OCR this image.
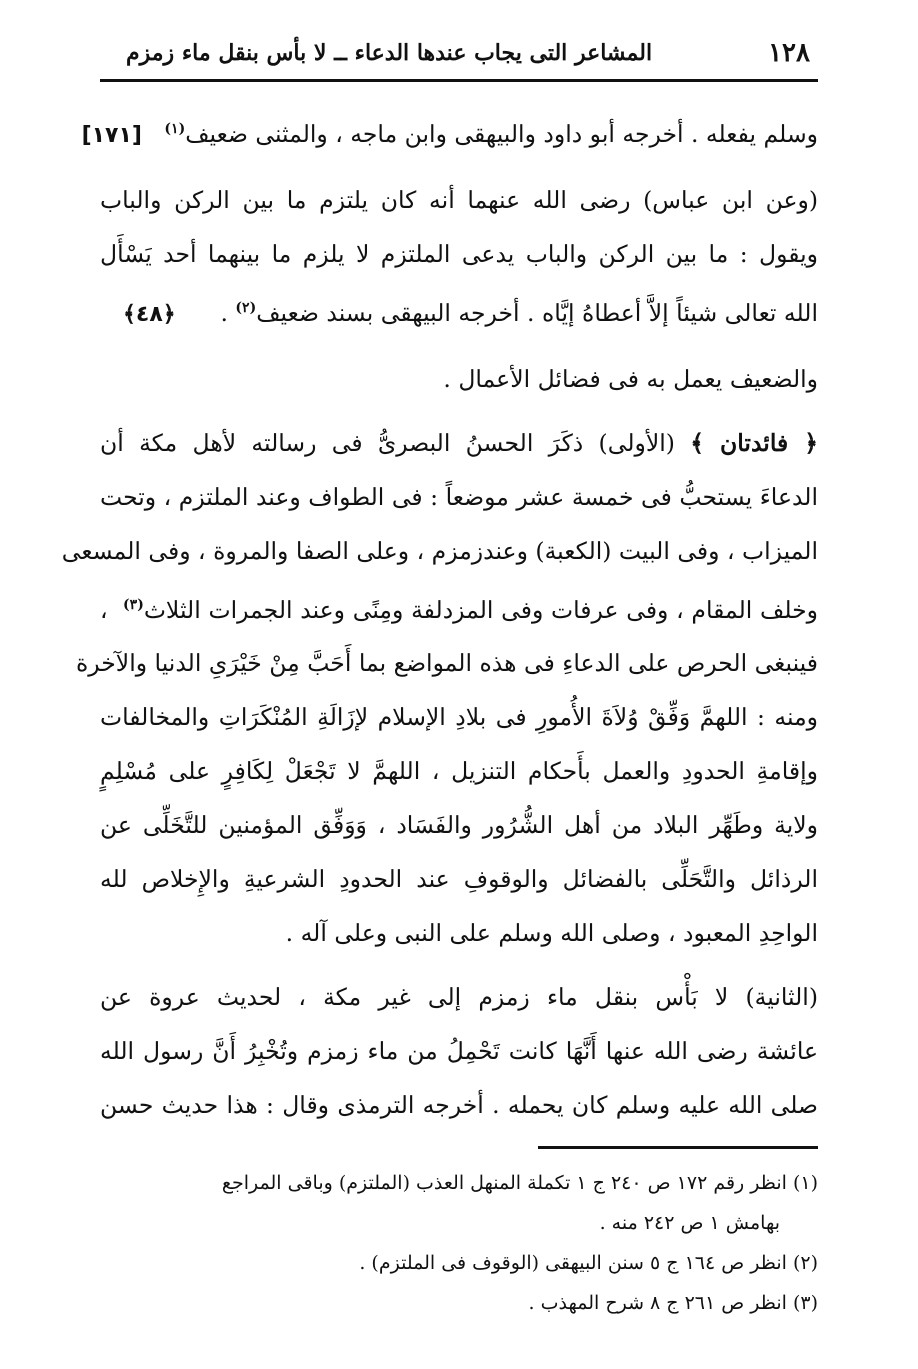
١٢٨
المشاعر التى يجاب عندها الدعاء ــ لا بأس بنقل ماء زمزم
وسلم يفعله . أخرجه أبو داود والبيهقى وابن ماجه ، والمثنى ضعيف$^{(١)}$   [١٧١]
(وعن ابن عباس) رضى الله عنهما أنه كان يلتزم ما بين الركن والباب
ويقول : ما بين الركن والباب يدعى الملتزم لا يلزم ما بينهما أحد يَسْأَل
الله تعالى شيئاً إلاَّ أعطاهُ إيَّاه . أخرجه البيهقى بسند ضعيف$^{(٢)}$ .      ﴿٤٨﴾
والضعيف يعمل به فى فضائل الأعمال .
﴿ فائدتان ﴾ (الأولى) ذكَرَ الحسنُ البصرىُّ فى رسالته لأهل مكة أن
الدعاءَ يستحبُّ فى خمسة عشر موضعاً : فى الطواف وعند الملتزم ، وتحت
الميزاب ، وفى البيت (الكعبة) وعندزمزم ، وعلى الصفا والمروة ، وفى المسعى
وخلف المقام ، وفى عرفات وفى المزدلفة ومِنًى وعند الجمرات الثلاث$^{(٣)}$  ،
فينبغى الحرص على الدعاءِ فى هذه المواضع بما أَحَبَّ مِنْ خَيْرَىِ الدنيا والآخرة
ومنه : اللهمَّ وَفِّقْ وُلاَةَ الأُمورِ فى بلادِ الإسلام لإزَالَةِ المُنْكَرَاتِ والمخالفات
وإقامةِ الحدودِ والعمل بأَحكام التنزيل ، اللهمَّ لا تَجْعَلْ لِكَافِرٍ على مُسْلِمٍ
ولاية وطَهِّر البلاد من أهل الشُّرُور والفَسَاد ، وَوَفِّق المؤمنين للتَّخَلِّى عن
الرذائل والتَّحَلِّى بالفضائل والوقوفِ عند الحدودِ الشرعيةِ والإِخلاص لله
الواحِدِ المعبود ، وصلى الله وسلم على النبى وعلى آله .
(الثانية) لا بَأْس بنقل ماء زمزم إلى غير مكة ، لحديث عروة عن
عائشة رضى الله عنها أَنَّهَا كانت تَحْمِلُ من ماء زمزم وتُخْبِرُ أَنَّ رسول الله
صلى الله عليه وسلم كان يحمله . أخرجه الترمذى وقال : هذا حديث حسن
(١) انظر رقم ١٧٢ ص ٢٤٠ ج ١ تكملة المنهل العذب (الملتزم) وباقى المراجع
بهامش ١ ص ٢٤٢ منه .
(٢) انظر ص ١٦٤ ج ٥ سنن البيهقى (الوقوف فى الملتزم) .
(٣) انظر ص ٢٦١ ج ٨ شرح المهذب .
